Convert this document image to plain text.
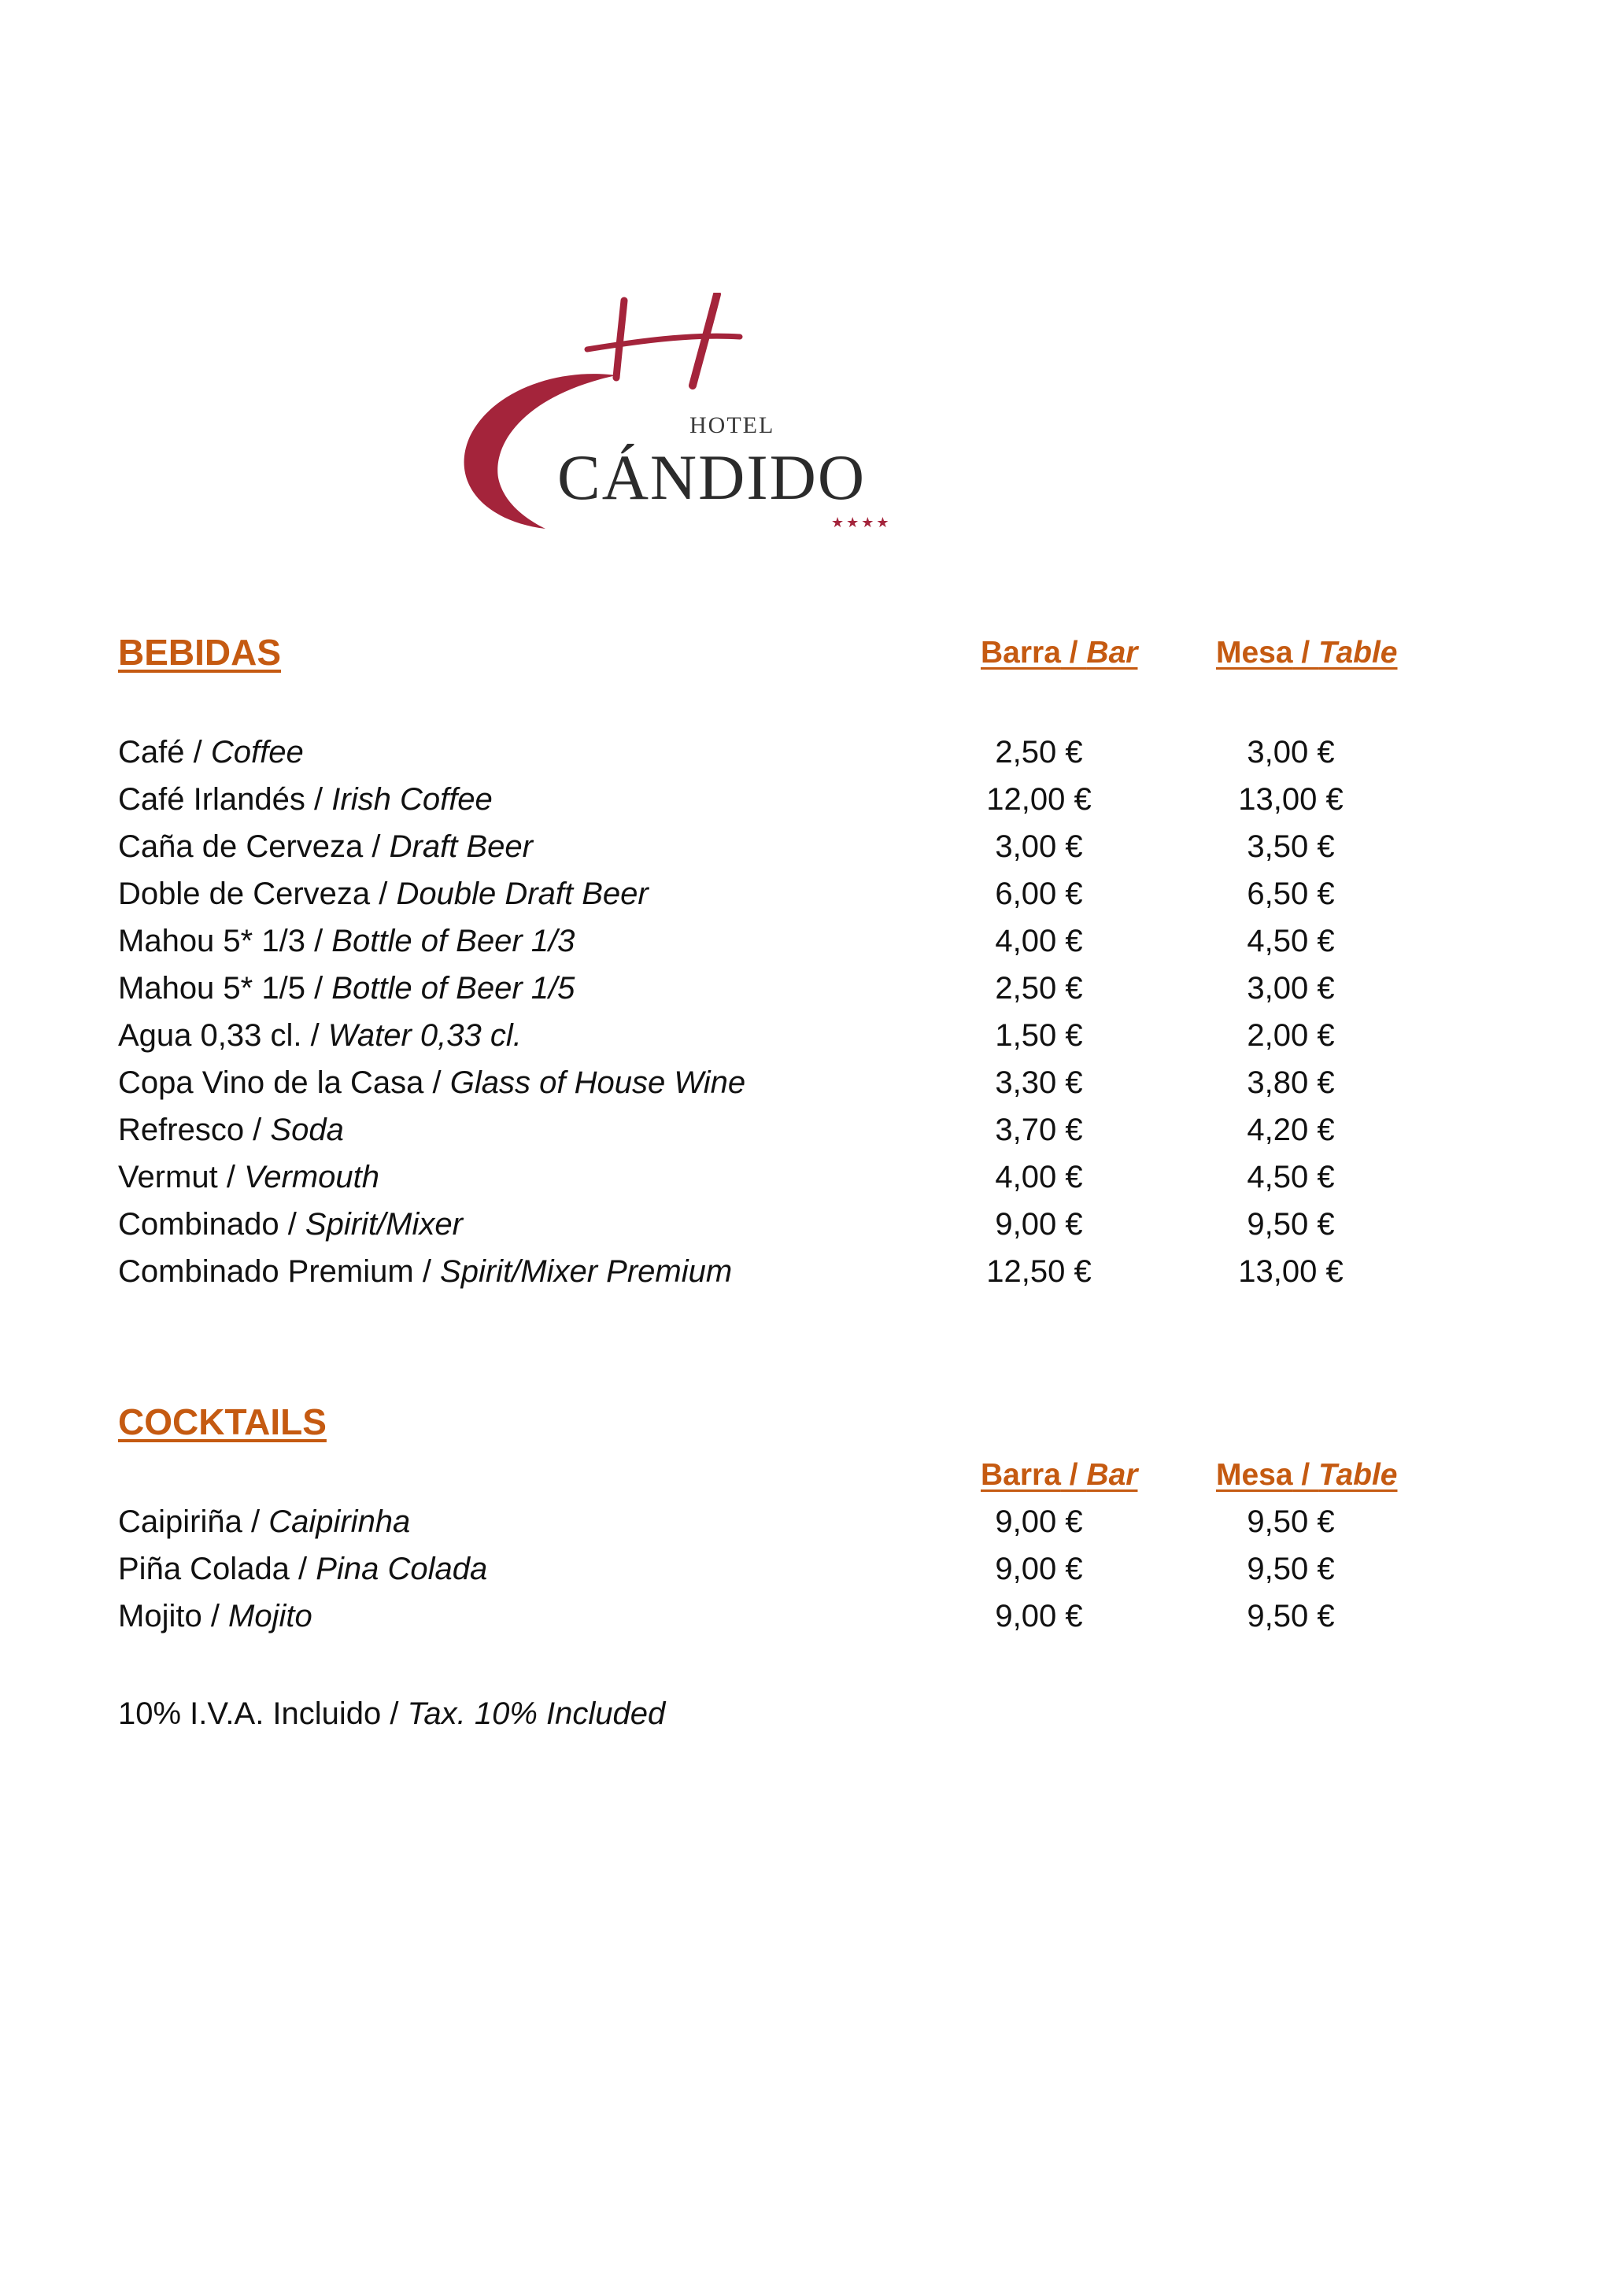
HOTEL
CÁNDIDO
★★★★
BEBIDAS	Barra / Bar	Mesa / Table
Café / Coffee	2,50 €	3,00 €
Café Irlandés / Irish Coffee	12,00 €	13,00 €
Caña de Cerveza / Draft Beer	3,00 €	3,50 €
Doble de Cerveza / Double Draft Beer	6,00 €	6,50 €
Mahou 5* 1/3 / Bottle of Beer 1/3	4,00 €	4,50 €
Mahou 5* 1/5 / Bottle of Beer 1/5	2,50 €	3,00 €
Agua 0,33 cl. / Water 0,33 cl.	1,50 €	2,00 €
Copa Vino de la Casa / Glass of House Wine	3,30 €	3,80 €
Refresco / Soda	3,70 €	4,20 €
Vermut / Vermouth	4,00 €	4,50 €
Combinado / Spirit/Mixer	9,00 €	9,50 €
Combinado Premium / Spirit/Mixer Premium	12,50 €	13,00 €
COCKTAILS
Barra / Bar	Mesa / Table
Caipiriña / Caipirinha	9,00 €	9,50 €
Piña Colada / Pina Colada	9,00 €	9,50 €
Mojito / Mojito	9,00 €	9,50 €
10% I.V.A. Incluido / Tax. 10% Included
